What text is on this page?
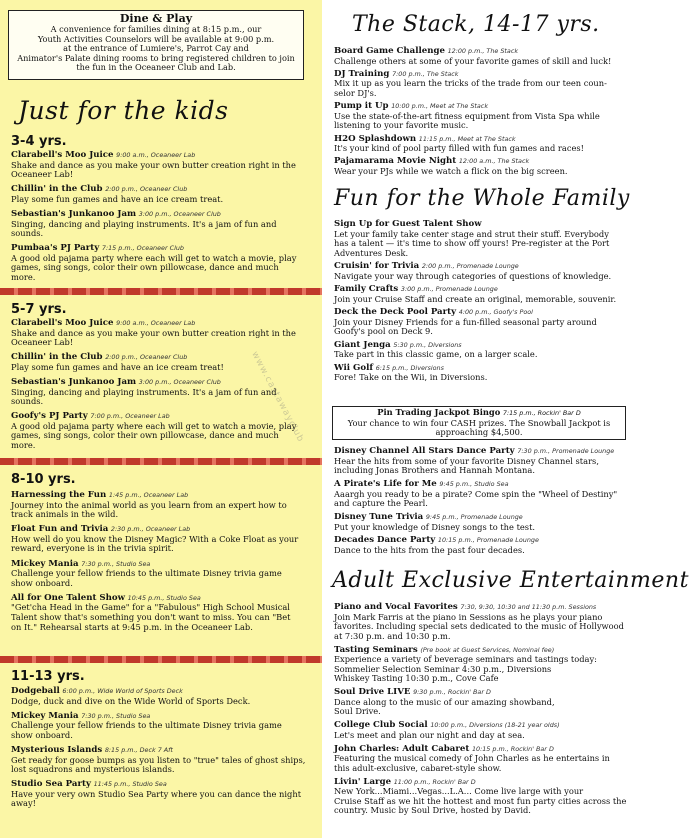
Dine & Play
A convenience for families dining at 8:15 p.m., our
Youth Activities Counselors will be available at 9:00 p.m.
at the entrance of Lumiere's, Parrot Cay and
Animator's Palate dining rooms to bring registered children to join
the fun in the Oceaneer Club and Lab.
Just for the kids
www.castawayclub
3-4 yrs.
Clarabell's Moo Juice 9:00 a.m., Oceaneer Lab
Shake and dance as you make your own butter creation right in the
Oceaneer Lab!
Chillin' in the Club 2:00 p.m., Oceaneer Club
Play some fun games and have an ice cream treat.
Sebastian's Junkanoo Jam 3:00 p.m., Oceaneer Club
Singing, dancing and playing instruments. It's a jam of fun and
sounds.
Pumbaa's PJ Party 7:15 p.m., Oceaneer Club
A good old pajama party where each will get to watch a movie, play
games, sing songs, color their own pillowcase, dance and much
more.
5-7 yrs.
Clarabell's Moo Juice 9:00 a.m., Oceaneer Lab
Shake and dance as you make your own butter creation right in the
Oceaneer Lab!
Chillin' in the Club 2:00 p.m., Oceaneer Club
Play some fun games and have an ice cream treat!
Sebastian's Junkanoo Jam 3:00 p.m., Oceaneer Club
Singing, dancing and playing instruments. It's a jam of fun and
sounds.
Goofy's PJ Party 7:00 p.m., Oceaneer Lab
A good old pajama party where each will get to watch a movie, play
games, sing songs, color their own pillowcase, dance and much
more.
8-10 yrs.
Harnessing the Fun 1:45 p.m., Oceaneer Lab
Journey into the animal world as you learn from an expert how to
track animals in the wild.
Float Fun and Trivia 2:30 p.m., Oceaneer Lab
How well do you know the Disney Magic? With a Coke Float as your
reward, everyone is in the trivia spirit.
Mickey Mania 7:30 p.m., Studio Sea
Challenge your fellow friends to the ultimate Disney trivia game
show onboard.
All for One Talent Show 10:45 p.m., Studio Sea
"Get'cha Head in the Game" for a "Fabulous" High School Musical
Talent show that's something you don't want to miss. You can "Bet
on It." Rehearsal starts at 9:45 p.m. in the Oceaneer Lab.
11-13 yrs.
Dodgeball 6:00 p.m., Wide World of Sports Deck
Dodge, duck and dive on the Wide World of Sports Deck.
Mickey Mania 7:30 p.m., Studio Sea
Challenge your fellow friends to the ultimate Disney trivia game
show onboard.
Mysterious Islands 8:15 p.m., Deck 7 Aft
Get ready for goose bumps as you listen to "true" tales of ghost ships,
lost squadrons and mysterious islands.
Studio Sea Party 11:45 p.m., Studio Sea
Have your very own Studio Sea Party where you can dance the night
away!
The Stack, 14-17 yrs.
Fun for the Whole Family
Pin Trading Jackpot Bingo 7:15 p.m., Rockin' Bar D
Your chance to win four CASH prizes. The Snowball Jackpot is
approaching $4,500.
Adult Exclusive Entertainment
Board Game Challenge 12:00 p.m., The Stack
Challenge others at some of your favorite games of skill and luck!
DJ Training 7:00 p.m., The Stack
Mix it up as you learn the tricks of the trade from our teen coun-
selor DJ's.
Pump it Up 10:00 p.m., Meet at The Stack
Use the state-of-the-art fitness equipment from Vista Spa while
listening to your favorite music.
H2O Splashdown 11:15 p.m., Meet at The Stack
It's your kind of pool party filled with fun games and races!
Pajamarama Movie Night 12:00 a.m., The Stack
Wear your PJs while we watch a flick on the big screen.
Sign Up for Guest Talent Show
Let your family take center stage and strut their stuff. Everybody
has a talent — it's time to show off yours! Pre-register at the Port
Adventures Desk.
Cruisin' for Trivia 2:00 p.m., Promenade Lounge
Navigate your way through categories of questions of knowledge.
Family Crafts 3:00 p.m., Promenade Lounge
Join your Cruise Staff and create an original, memorable, souvenir.
Deck the Deck Pool Party 4:00 p.m., Goofy's Pool
Join your Disney Friends for a fun-filled seasonal party around
Goofy's pool on Deck 9.
Giant Jenga 5:30 p.m., Diversions
Take part in this classic game, on a larger scale.
Wii Golf 6:15 p.m., Diversions
Fore! Take on the Wii, in Diversions.
Disney Channel All Stars Dance Party 7:30 p.m., Promenade Lounge
Hear the hits from some of your favorite Disney Channel stars,
including Jonas Brothers and Hannah Montana.
A Pirate's Life for Me 9:45 p.m., Studio Sea
Aaargh you ready to be a pirate? Come spin the "Wheel of Destiny"
and capture the Pearl.
Disney Tune Trivia 9:45 p.m., Promenade Lounge
Put your knowledge of Disney songs to the test.
Decades Dance Party 10:15 p.m., Promenade Lounge
Dance to the hits from the past four decades.
Piano and Vocal Favorites 7:30, 9:30, 10:30 and 11:30 p.m. Sessions
Join Mark Farris at the piano in Sessions as he plays your piano
favorites. Including special sets dedicated to the music of Hollywood
at 7:30 p.m. and 10:30 p.m.
Tasting Seminars (Pre book at Guest Services, Nominal fee)
Experience a variety of beverage seminars and tastings today:
Sommelier Selection Seminar 4:30 p.m., Diversions
Whiskey Tasting 10:30 p.m., Cove Cafe
Soul Drive LIVE 9:30 p.m., Rockin' Bar D
Dance along to the music of our amazing showband,
Soul Drive.
College Club Social 10:00 p.m., Diversions (18-21 year olds)
Let's meet and plan our night and day at sea.
John Charles: Adult Cabaret 10:15 p.m., Rockin' Bar D
Featuring the musical comedy of John Charles as he entertains in
this adult-exclusive, cabaret-style show.
Livin' Large 11:00 p.m., Rockin' Bar D
New York...Miami...Vegas...L.A... Come live large with your
Cruise Staff as we hit the hottest and most fun party cities across the
country. Music by Soul Drive, hosted by David.
